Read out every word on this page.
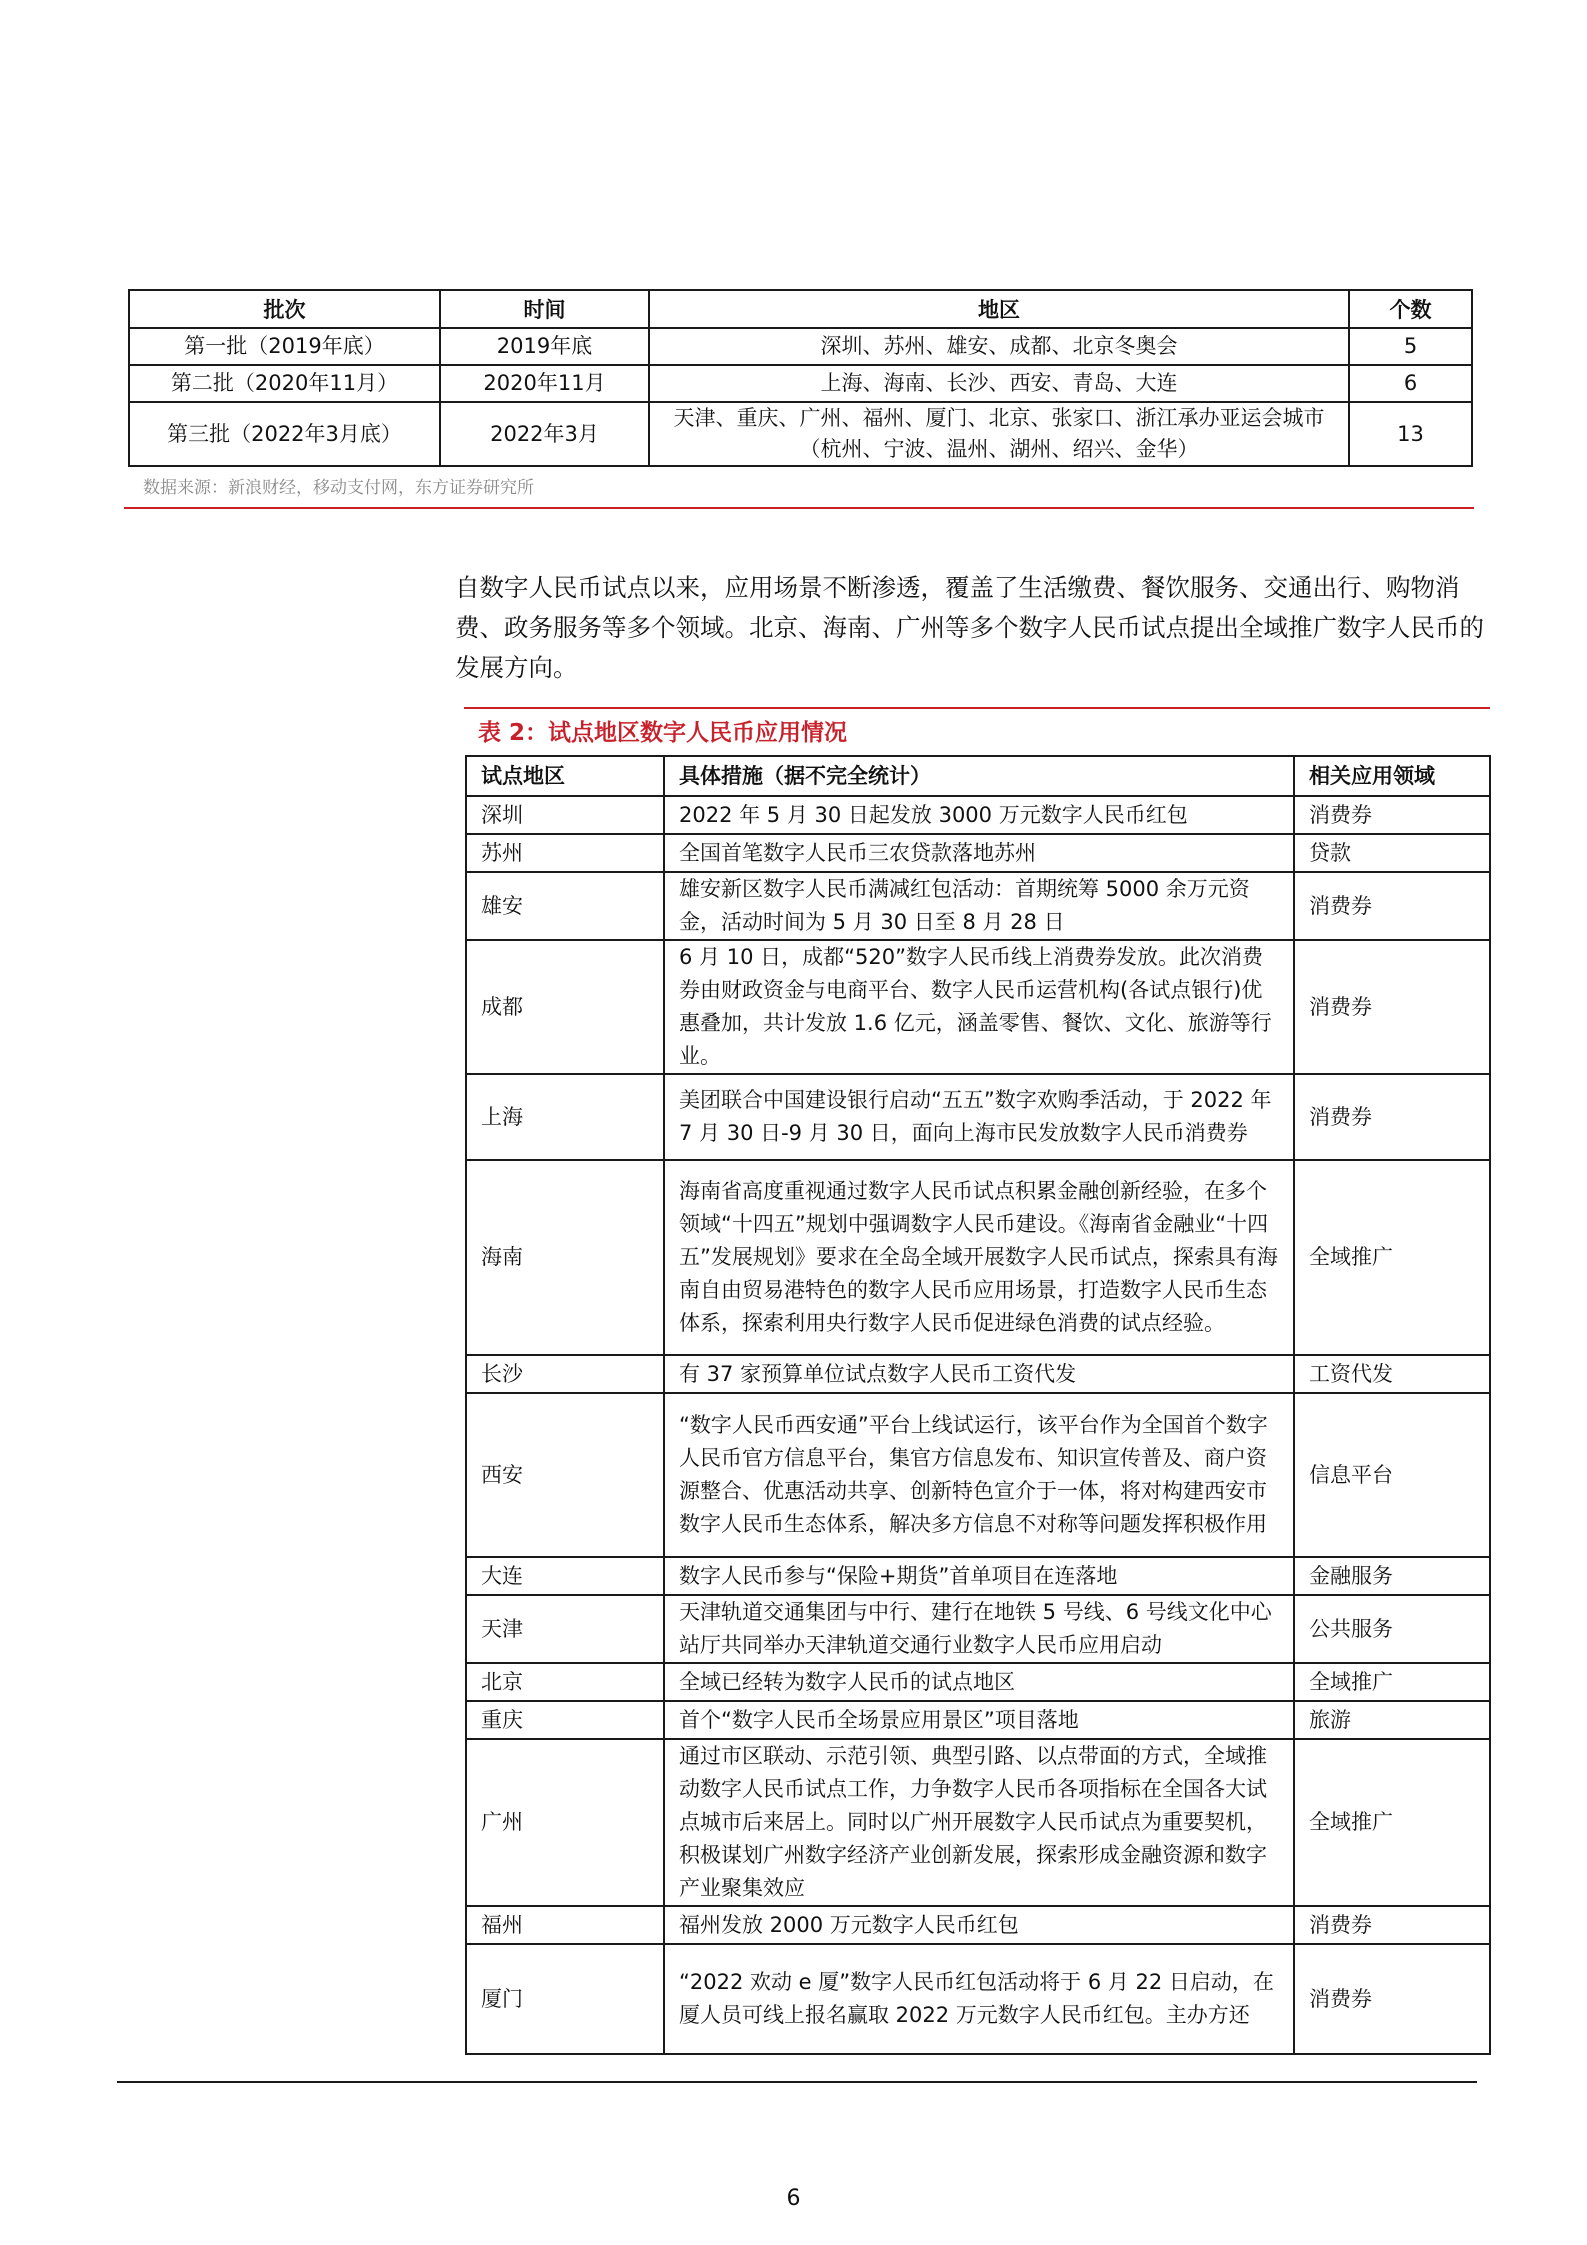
批次	时间	地区	个数
第一批（2019年底）	2019年底	深圳、苏州、雄安、成都、北京冬奥会	5
第二批（2020年11月）	2020年11月	上海、海南、长沙、西安、青岛、大连	6
第三批（2022年3月底）	2022年3月	天津、重庆、广州、福州、厦门、北京、张家口、浙江承办亚运会城市（杭州、宁波、温州、湖州、绍兴、金华）	13
数据来源：新浪财经，移动支付网，东方证券研究所

自数字人民币试点以来，应用场景不断渗透，覆盖了生活缴费、餐饮服务、交通出行、购物消费、政务服务等多个领域。北京、海南、广州等多个数字人民币试点提出全域推广数字人民币的发展方向。

表 2：试点地区数字人民币应用情况
试点地区	具体措施（据不完全统计）	相关应用领域
深圳	2022 年 5 月 30 日起发放 3000 万元数字人民币红包	消费券
苏州	全国首笔数字人民币三农贷款落地苏州	贷款
雄安	雄安新区数字人民币满减红包活动：首期统筹 5000 余万元资金，活动时间为 5 月 30 日至 8 月 28 日	消费券
成都	6 月 10 日，成都“520”数字人民币线上消费券发放。此次消费券由财政资金与电商平台、数字人民币运营机构(各试点银行)优惠叠加，共计发放 1.6 亿元，涵盖零售、餐饮、文化、旅游等行业。	消费券
上海	美团联合中国建设银行启动“五五”数字欢购季活动，于 2022 年 7 月 30 日-9 月 30 日，面向上海市民发放数字人民币消费券	消费券
海南	海南省高度重视通过数字人民币试点积累金融创新经验，在多个领域“十四五”规划中强调数字人民币建设。《海南省金融业“十四五”发展规划》要求在全岛全域开展数字人民币试点，探索具有海南自由贸易港特色的数字人民币应用场景，打造数字人民币生态体系，探索利用央行数字人民币促进绿色消费的试点经验。	全域推广
长沙	有 37 家预算单位试点数字人民币工资代发	工资代发
西安	“数字人民币西安通”平台上线试运行，该平台作为全国首个数字人民币官方信息平台，集官方信息发布、知识宣传普及、商户资源整合、优惠活动共享、创新特色宣介于一体，将对构建西安市数字人民币生态体系，解决多方信息不对称等问题发挥积极作用	信息平台
大连	数字人民币参与“保险+期货”首单项目在连落地	金融服务
天津	天津轨道交通集团与中行、建行在地铁 5 号线、6 号线文化中心站厅共同举办天津轨道交通行业数字人民币应用启动	公共服务
北京	全域已经转为数字人民币的试点地区	全域推广
重庆	首个“数字人民币全场景应用景区”项目落地	旅游
广州	通过市区联动、示范引领、典型引路、以点带面的方式，全域推动数字人民币试点工作，力争数字人民币各项指标在全国各大试点城市后来居上。同时以广州开展数字人民币试点为重要契机，积极谋划广州数字经济产业创新发展，探索形成金融资源和数字产业聚集效应	全域推广
福州	福州发放 2000 万元数字人民币红包	消费券
厦门	“2022 欢动 e 厦”数字人民币红包活动将于 6 月 22 日启动，在厦人员可线上报名赢取 2022 万元数字人民币红包。主办方还	消费券
6
